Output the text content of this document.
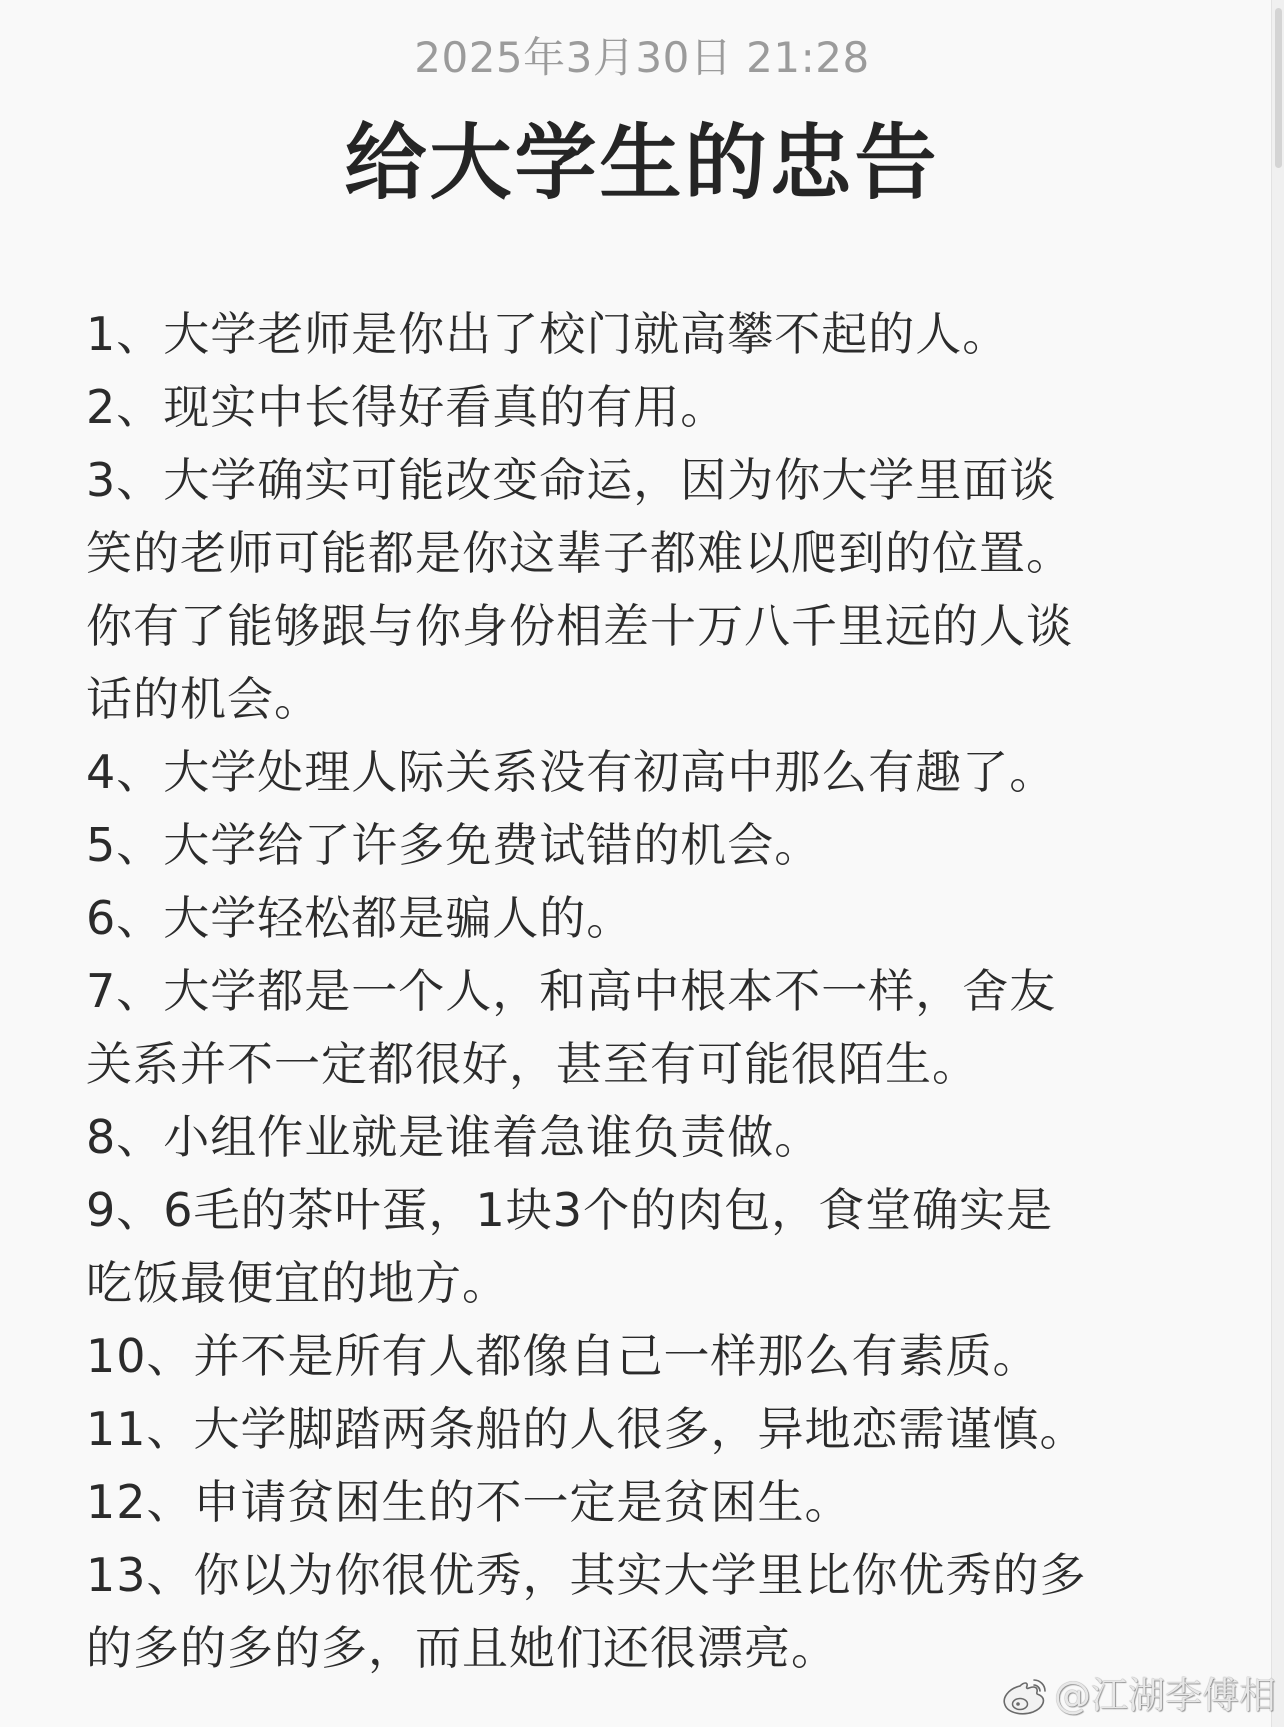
2025年3月30日 21:28
给大学生的忠告
1、大学老师是你出了校门就高攀不起的人。
2、现实中长得好看真的有用。
3、大学确实可能改变命运，因为你大学里面谈
笑的老师可能都是你这辈子都难以爬到的位置。
你有了能够跟与你身份相差十万八千里远的人谈
话的机会。
4、大学处理人际关系没有初高中那么有趣了。
5、大学给了许多免费试错的机会。
6、大学轻松都是骗人的。
7、大学都是一个人，和高中根本不一样，舍友
关系并不一定都很好，甚至有可能很陌生。
8、小组作业就是谁着急谁负责做。
9、6毛的茶叶蛋，1块3个的肉包，食堂确实是
吃饭最便宜的地方。
10、并不是所有人都像自己一样那么有素质。
11、大学脚踏两条船的人很多，异地恋需谨慎。
12、申请贫困生的不一定是贫困生。
13、你以为你很优秀，其实大学里比你优秀的多
的多的多的多，而且她们还很漂亮。
@江湖李傅相
